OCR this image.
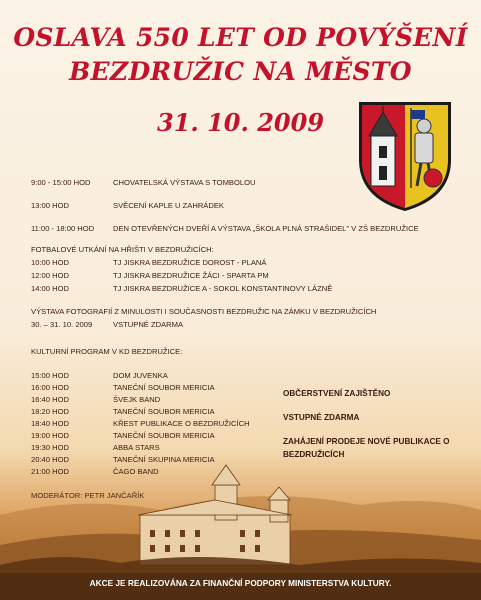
OSLAVA 550 LET OD POVÝŠENÍ
BEZDRUŽIC NA MĚSTO
31. 10. 2009
9:00 - 15:00 HOD	CHOVATELSKÁ VÝSTAVA S TOMBOLOU
13:00 HOD	SVĚCENÍ KAPLE U ZAHRÁDEK
11:00 - 18:00 HOD DEN OTEVŘENÝCH DVEŘÍ A VÝSTAVA „ŠKOLA PLNÁ STRAŠIDEL" V ZŠ BEZDRUŽICE
FOTBALOVÉ UTKÁNÍ NA HŘIŠTI V BEZDRUŽICÍCH:
10:00 HOD	TJ JISKRA BEZDRUŽICE DOROST - PLANÁ
12:00 HOD	TJ JISKRA BEZDRUŽICE ŽÁCI - SPARTA PM
14:00 HOD	TJ JISKRA BEZDRUŽICE A - SOKOL KONSTANTINOVY LÁZNĚ
VÝSTAVA FOTOGRAFIÍ Z MINULOSTI I SOUČASNOSTI BEZDRUŽIC NA ZÁMKU V BEZDRUŽICÍCH
30. – 31. 10. 2009	VSTUPNÉ ZDARMA
KULTURNÍ PROGRAM V KD BEZDRUŽICE:
15:00 HOD	DOM JUVENKA
16:00 HOD	TANEČNÍ SOUBOR MERICIA
16:40 HOD	ŠVEJK BAND
18:20 HOD	TANEČNÍ SOUBOR MERICIA
18:40 HOD	KŘEST PUBLIKACE O BEZDRUŽICÍCH
19:00 HOD	TANEČNÍ SOUBOR MERICIA
19:30 HOD	ABBA STARS
20:40 HOD	TANEČNÍ SKUPINA MERICIA
21:00 HOD	ČAGO BAND
OBČERSTVENÍ ZAJIŠTĚNO
VSTUPNÉ ZDARMA
ZAHÁJENÍ PRODEJE NOVÉ PUBLIKACE O BEZDRUŽICÍCH
MODERÁTOR: PETR JANČAŘÍK
AKCE JE REALIZOVÁNA ZA FINANČNÍ PODPORY MINISTERSTVA KULTURY.
